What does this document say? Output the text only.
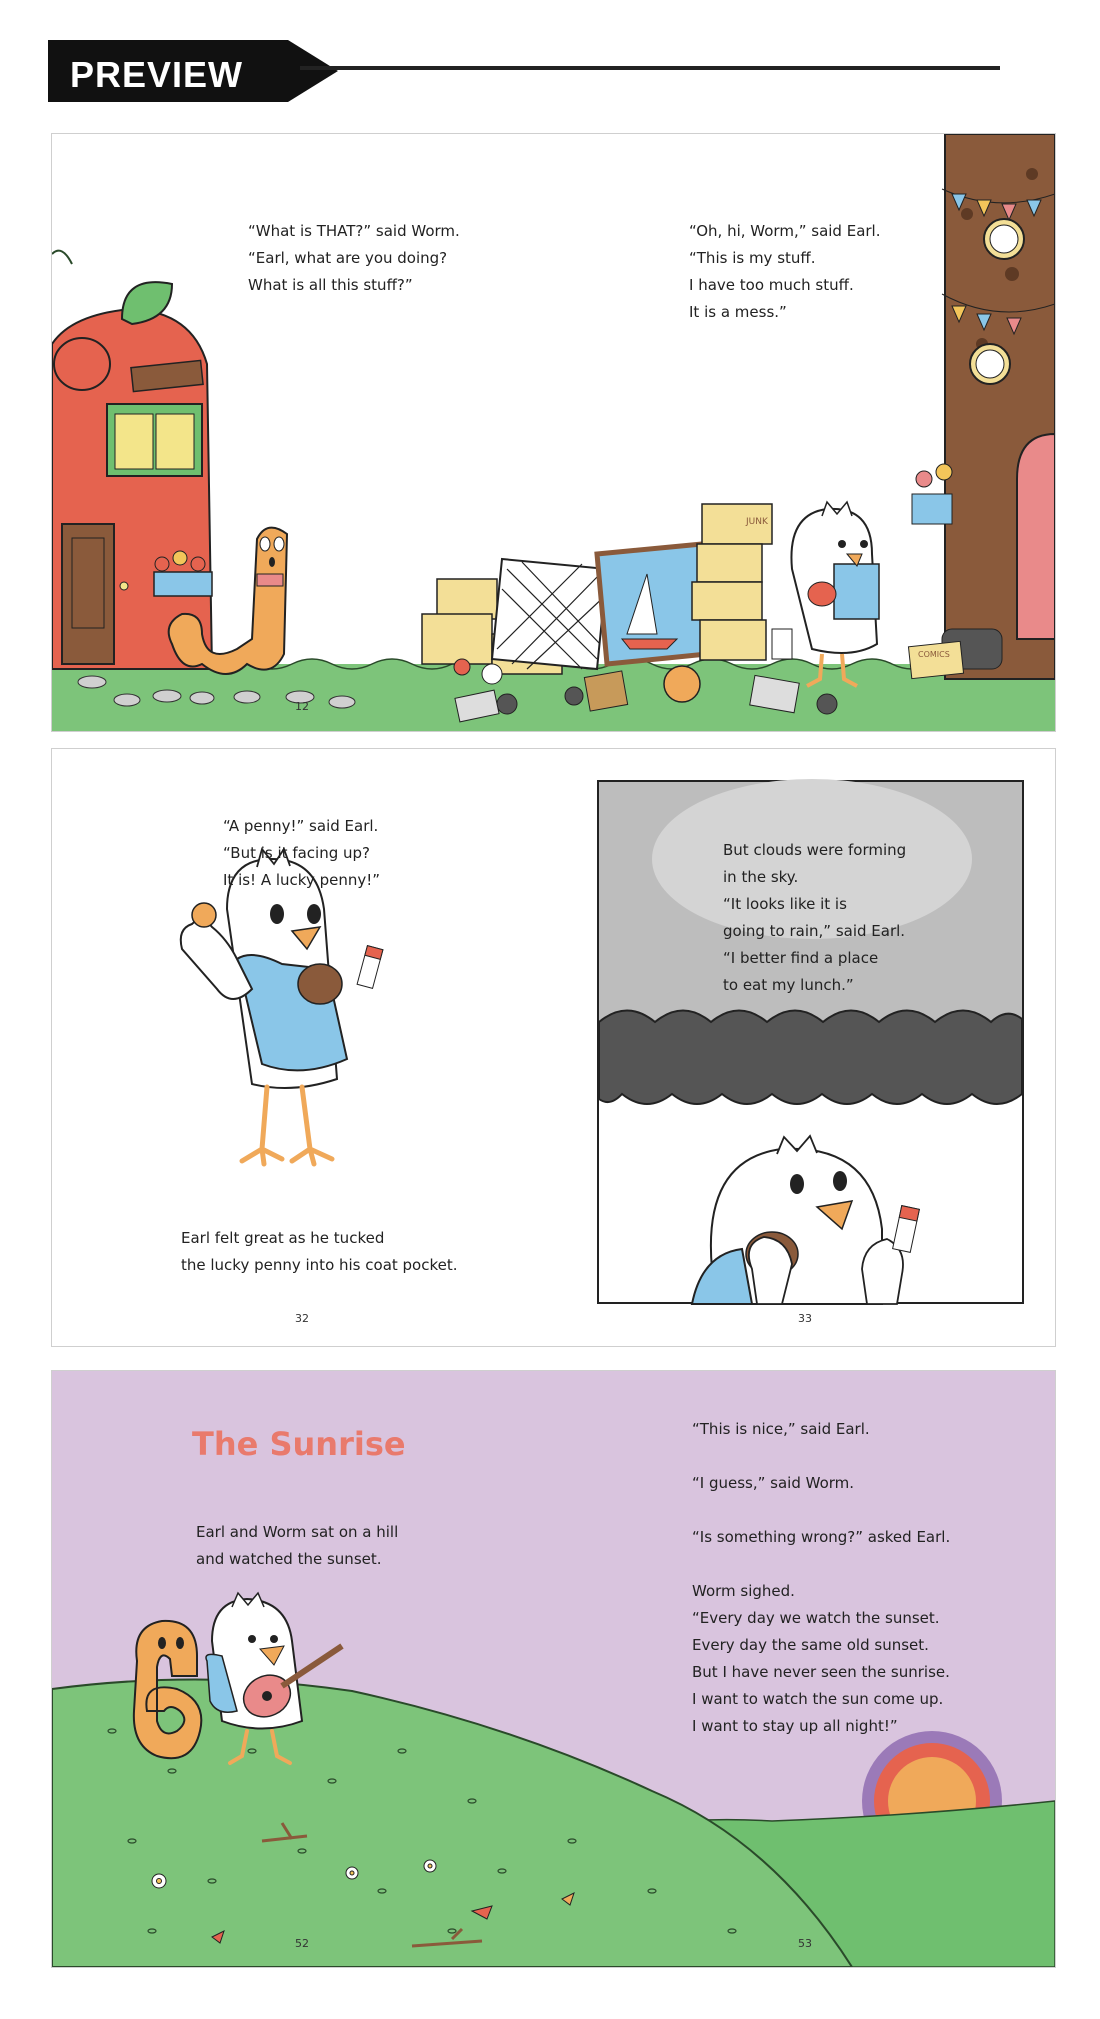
PREVIEW
“What is THAT?” said Worm.
“Earl, what are you doing?
What is all this stuff?”
“Oh, hi, Worm,” said Earl.
“This is my stuff.
I have too much stuff.
It is a mess.”
JUNK
COMICS
12
“A penny!” said Earl.
“But is it facing up?
It is! A lucky penny!”
Earl felt great as he tucked
the lucky penny into his coat pocket.
But clouds were forming
in the sky.
“It looks like it is
going to rain,” said Earl.
“I better find a place
to eat my lunch.”
32	33
The Sunrise
Earl and Worm sat on a hill
and watched the sunset.
“This is nice,” said Earl.
“I guess,” said Worm.
“Is something wrong?” asked Earl.
Worm sighed.
“Every day we watch the sunset.
Every day the same old sunset.
But I have never seen the sunrise.
I want to watch the sun come up.
I want to stay up all night!”
52	53
